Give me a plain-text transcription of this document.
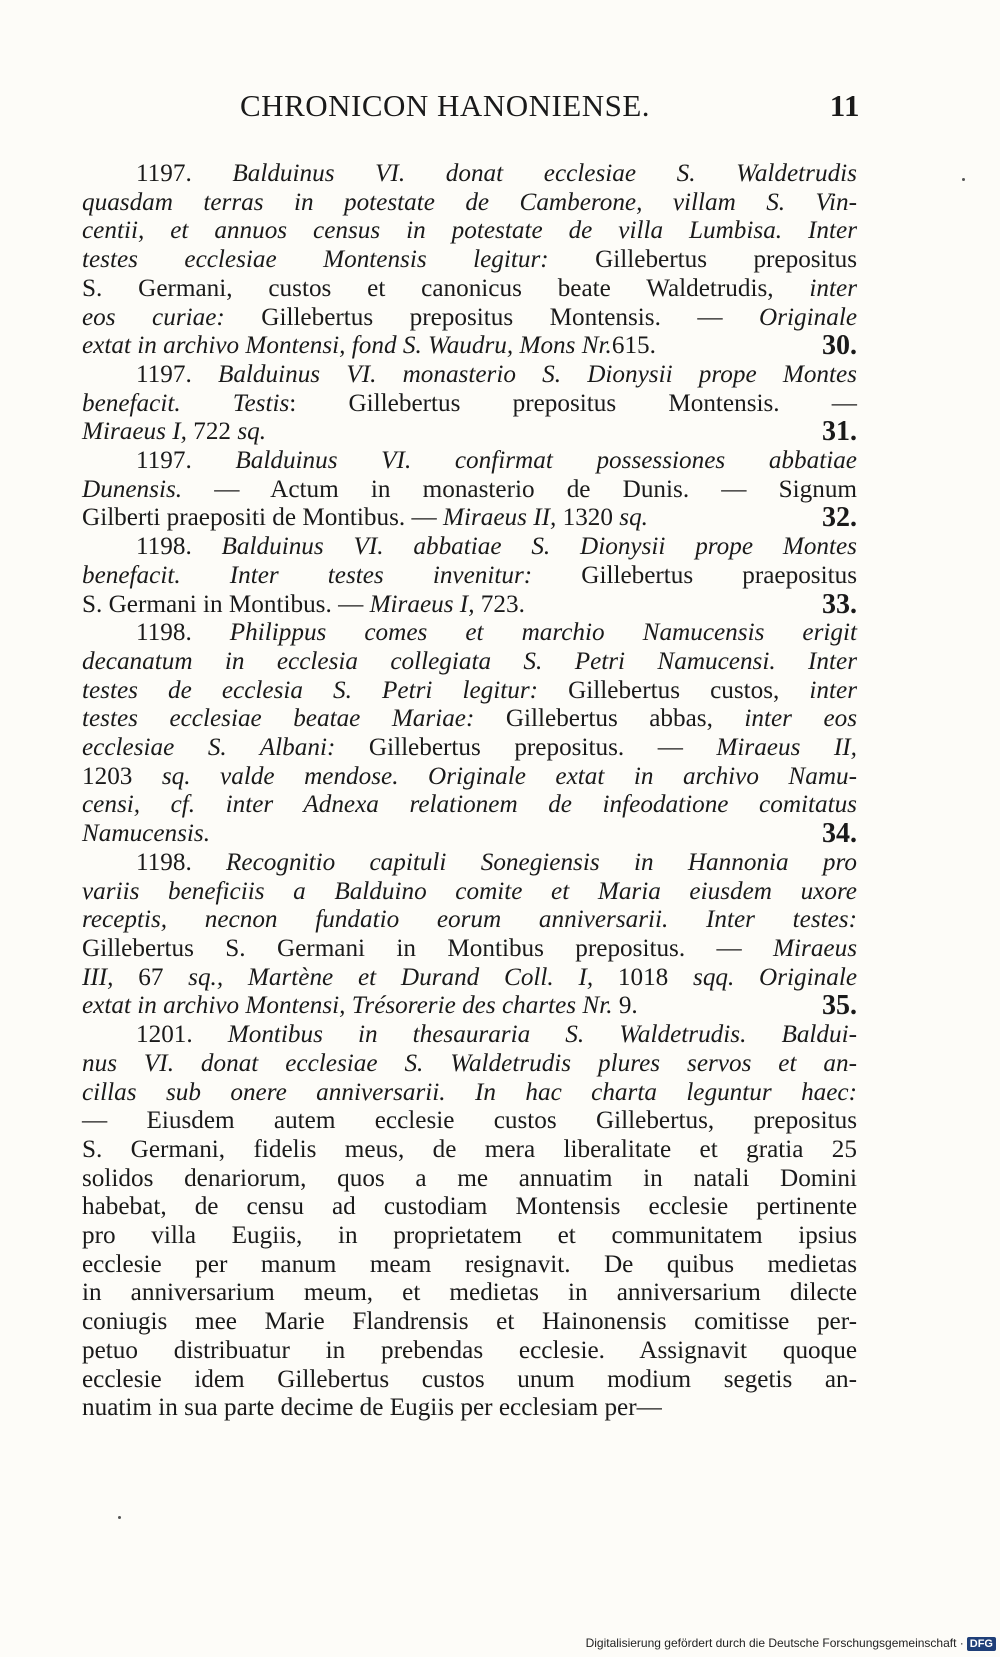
CHRONICON HANONIENSE.	11
1197. Balduinus VI. donat ecclesiae S. Waldetrudis
quasdam terras in potestate de Camberone, villam S. Vin-
centii, et annuos census in potestate de villa Lumbisa. Inter
testes ecclesiae Montensis legitur: Gillebertus prepositus
S. Germani, custos et canonicus beate Waldetrudis, inter
eos curiae: Gillebertus prepositus Montensis. — Originale
extat in archivo Montensi, fond S. Waudru, Mons Nr.615.	30.
1197. Balduinus VI. monasterio S. Dionysii prope Montes
benefacit. Testis: Gillebertus prepositus Montensis. —
Miraeus I, 722 sq.	31.
1197. Balduinus VI. confirmat possessiones abbatiae
Dunensis. — Actum in monasterio de Dunis. — Signum
Gilberti praepositi de Montibus. — Miraeus II, 1320 sq.	32.
1198. Balduinus VI. abbatiae S. Dionysii prope Montes
benefacit. Inter testes invenitur: Gillebertus praepositus
S. Germani in Montibus. — Miraeus I, 723.	33.
1198. Philippus comes et marchio Namucensis erigit
decanatum in ecclesia collegiata S. Petri Namucensi. Inter
testes de ecclesia S. Petri legitur: Gillebertus custos, inter
testes ecclesiae beatae Mariae: Gillebertus abbas, inter eos
ecclesiae S. Albani: Gillebertus prepositus. — Miraeus II,
1203 sq. valde mendose. Originale extat in archivo Namu-
censi, cf. inter Adnexa relationem de infeodatione comitatus
Namucensis.	34.
1198. Recognitio capituli Sonegiensis in Hannonia pro
variis beneficiis a Balduino comite et Maria eiusdem uxore
receptis, necnon fundatio eorum anniversarii. Inter testes:
Gillebertus S. Germani in Montibus prepositus. — Miraeus
III, 67 sq., Martène et Durand Coll. I, 1018 sqq. Originale
extat in archivo Montensi, Trésorerie des chartes Nr. 9.	35.
1201. Montibus in thesauraria S. Waldetrudis. Baldui-
nus VI. donat ecclesiae S. Waldetrudis plures servos et an-
cillas sub onere anniversarii. In hac charta leguntur haec:
— Eiusdem autem ecclesie custos Gillebertus, prepositus
S. Germani, fidelis meus, de mera liberalitate et gratia 25
solidos denariorum, quos a me annuatim in natali Domini
habebat, de censu ad custodiam Montensis ecclesie pertinente
pro villa Eugiis, in proprietatem et communitatem ipsius
ecclesie per manum meam resignavit. De quibus medietas
in anniversarium meum, et medietas in anniversarium dilecte
coniugis mee Marie Flandrensis et Hainonensis comitisse per-
petuo distribuatur in prebendas ecclesie. Assignavit quoque
ecclesie idem Gillebertus custos unum modium segetis an-
nuatim in sua parte decime de Eugiis per ecclesiam per—
Digitalisierung gefördert durch die Deutsche Forschungsgemeinschaft · DFG
